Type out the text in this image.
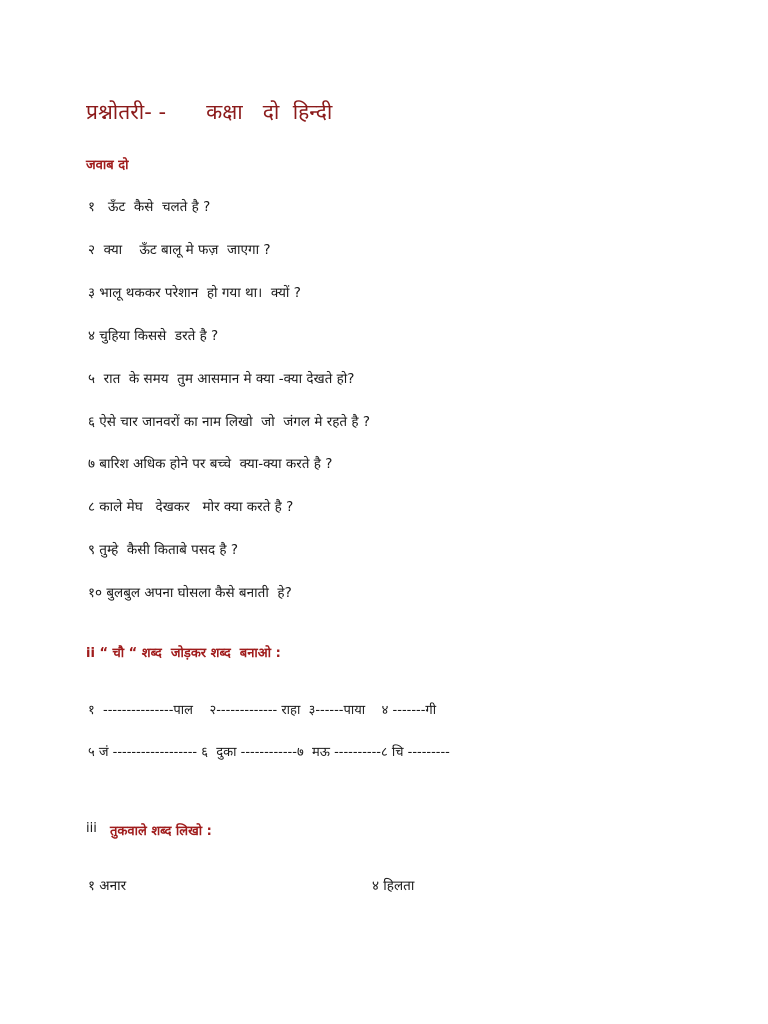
प्रश्नोतरी- -      कक्षा   दो  हिन्दी
जवाब दो
१   ऊँट  कैसे  चलते है ?
२  क्या    ऊँट बालू मे फज़  जाएगा ?
३ भालू थककर परेशान  हो गया था।  क्यों ?
४ चुहिया किससे  डरते है ?
५  रात  के समय  तुम आसमान मे क्या -क्या देखते हो?
६ ऐसे चार जानवरों का नाम लिखो  जो  जंगल मे रहते है ?
७ बारिश अधिक होने पर बच्चे  क्या-क्या करते है ?
८ काले मेघ   देखकर   मोर क्या करते है ?
९ तुम्हे  कैसी किताबे पसद है ?
१० बुलबुल अपना घोसला कैसे बनाती  हे?
ii “ चौ “ शब्द  जोड़कर शब्द  बनाओ :
१  ---------------पाल    २------------- राहा  ३------पाया    ४ -------गी
५ जं ------------------ ६  दुका ------------७  मऊ ----------८ चि ---------
iii तुकवाले शब्द लिखो :
१ अनार	४ हिलता
